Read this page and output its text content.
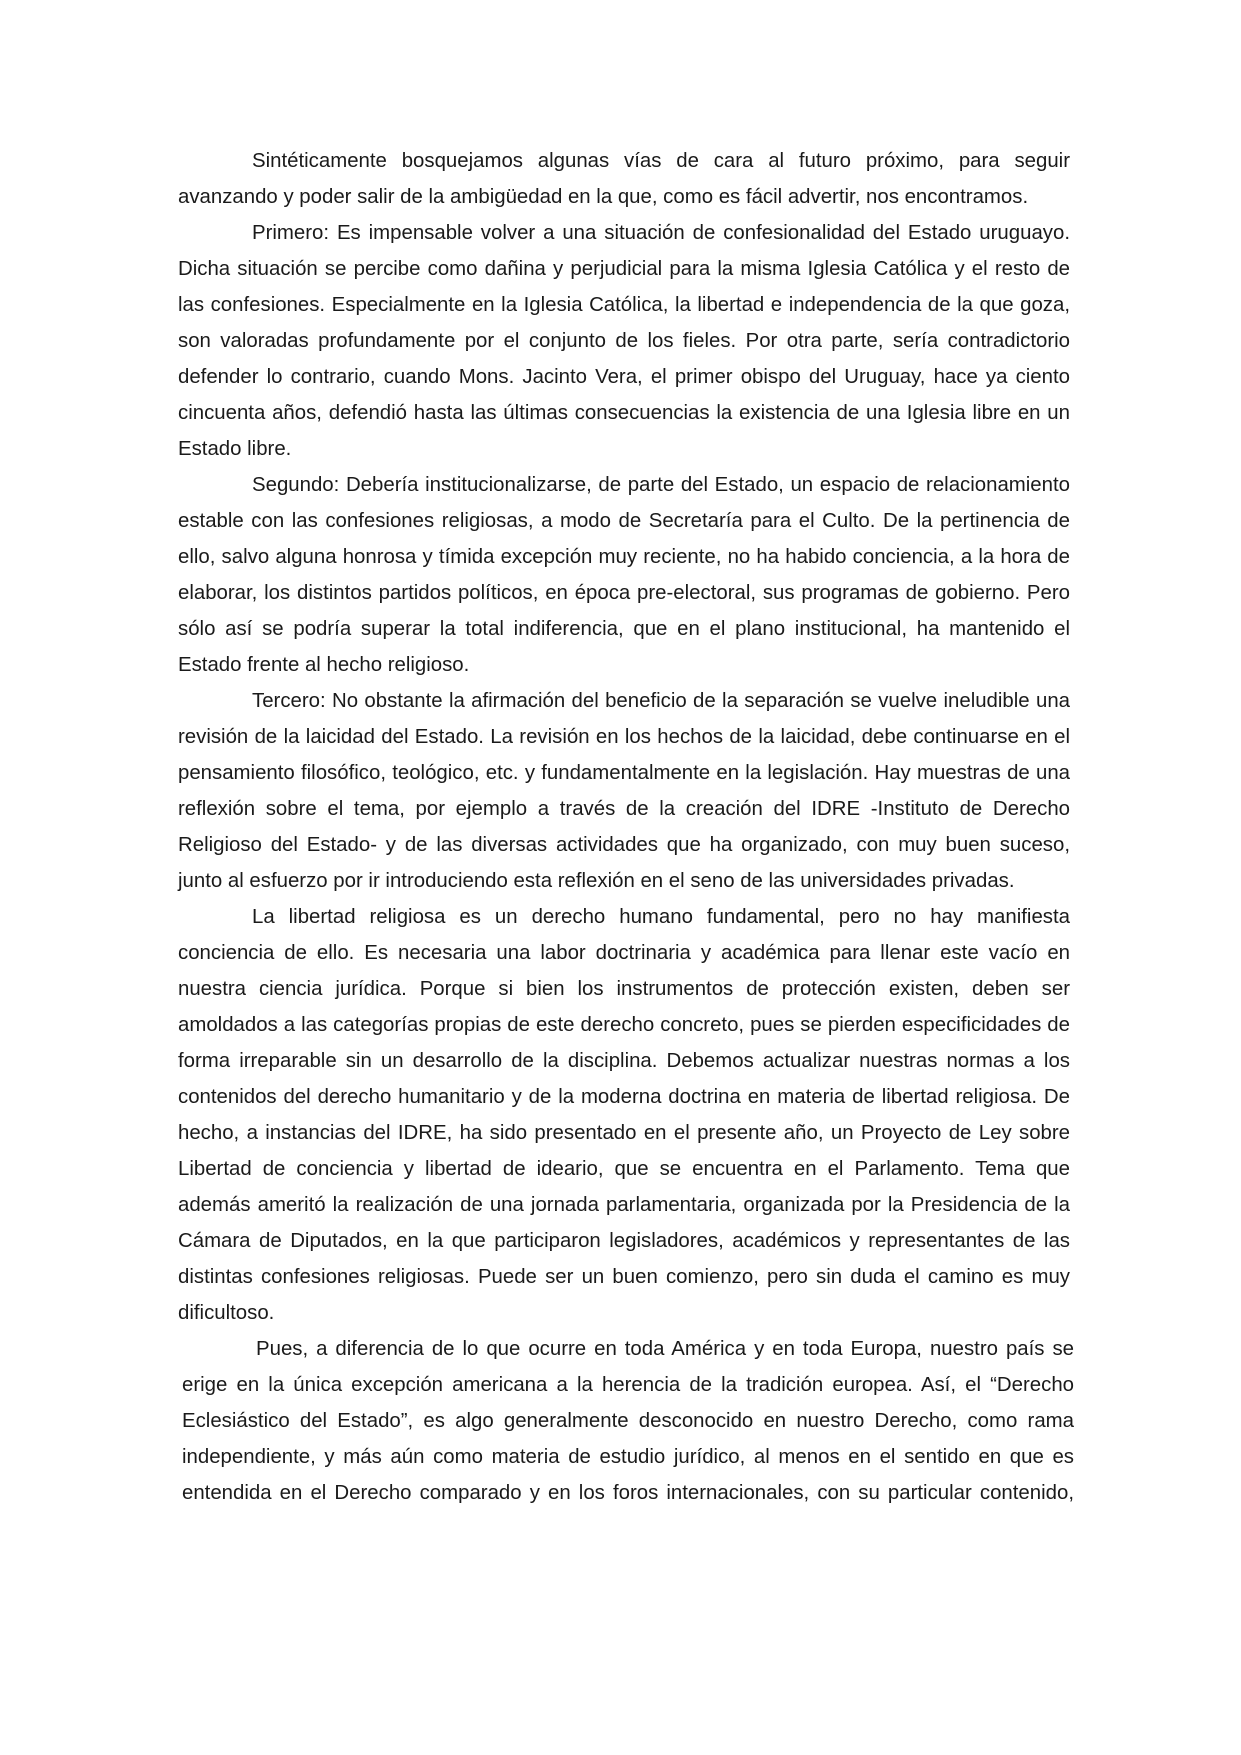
Sintéticamente bosquejamos algunas vías de cara al futuro próximo, para seguir avanzando y poder salir de la ambigüedad en la que, como es fácil advertir, nos encontramos.

Primero: Es impensable volver a una situación de confesionalidad del Estado uruguayo. Dicha situación se percibe como dañina y perjudicial para la misma Iglesia Católica y el resto de las confesiones. Especialmente en la Iglesia Católica, la libertad e independencia de la que goza, son valoradas profundamente por el conjunto de los fieles. Por otra parte, sería contradictorio defender lo contrario, cuando Mons. Jacinto Vera, el primer obispo del Uruguay, hace ya ciento cincuenta años, defendió hasta las últimas consecuencias la existencia de una Iglesia libre en un Estado libre.

Segundo: Debería institucionalizarse, de parte del Estado, un espacio de relacionamiento estable con las confesiones religiosas, a modo de Secretaría para el Culto. De la pertinencia de ello, salvo alguna honrosa y tímida excepción muy reciente, no ha habido conciencia, a la hora de elaborar, los distintos partidos políticos, en época pre-electoral, sus programas de gobierno. Pero sólo así se podría superar la total indiferencia, que en el plano institucional, ha mantenido el Estado frente al hecho religioso.

Tercero: No obstante la afirmación del beneficio de la separación se vuelve ineludible una revisión de la laicidad del Estado. La revisión en los hechos de la laicidad, debe continuarse en el pensamiento filosófico, teológico, etc. y fundamentalmente en la legislación. Hay muestras de una reflexión sobre el tema, por ejemplo a través de la creación del IDRE -Instituto de Derecho Religioso del Estado- y de las diversas actividades que ha organizado, con muy buen suceso, junto al esfuerzo por ir introduciendo esta reflexión en el seno de las universidades privadas.

La libertad religiosa es un derecho humano fundamental, pero no hay manifiesta conciencia de ello. Es necesaria una labor doctrinaria y académica para llenar este vacío en nuestra ciencia jurídica. Porque si bien los instrumentos de protección existen, deben ser amoldados a las categorías propias de este derecho concreto, pues se pierden especificidades de forma irreparable sin un desarrollo de la disciplina. Debemos actualizar nuestras normas a los contenidos del derecho humanitario y de la moderna doctrina en materia de libertad religiosa. De hecho, a instancias del IDRE, ha sido presentado en el presente año, un Proyecto de Ley sobre Libertad de conciencia y libertad de ideario, que se encuentra en el Parlamento. Tema que además ameritó la realización de una jornada parlamentaria, organizada por la Presidencia de la Cámara de Diputados, en la que participaron legisladores, académicos y representantes de las distintas confesiones religiosas. Puede ser un buen comienzo, pero sin duda el camino es muy dificultoso.

Pues, a diferencia de lo que ocurre en toda América y en toda Europa, nuestro país se erige en la única excepción americana a la herencia de la tradición europea. Así, el “Derecho Eclesiástico del Estado”, es algo generalmente desconocido en nuestro Derecho, como rama independiente, y más aún como materia de estudio jurídico, al menos en el sentido en que es entendida en el Derecho comparado y en los foros internacionales, con su particular contenido,
